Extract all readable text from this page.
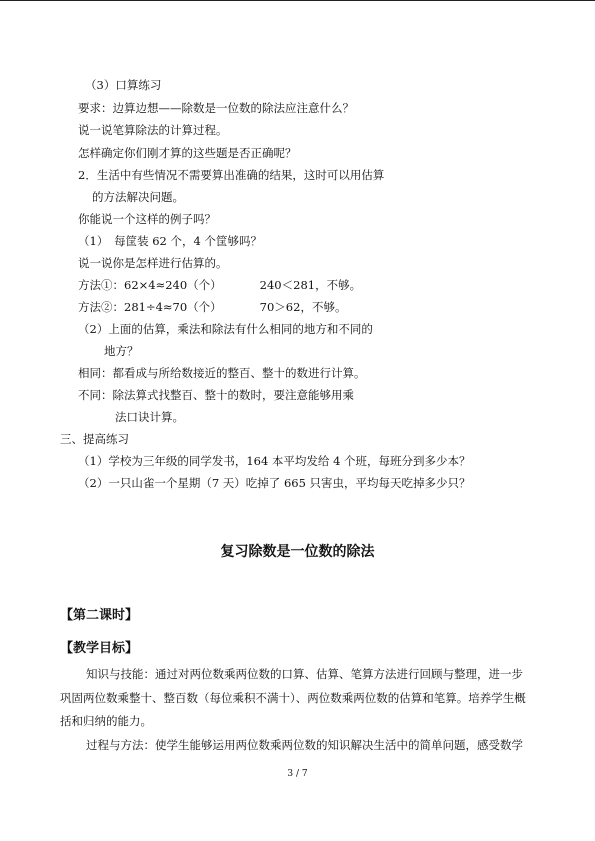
（3）口算练习
要求：边算边想——除数是一位数的除法应注意什么？
说一说笔算除法的计算过程。
怎样确定你们刚才算的这些题是否正确呢？
2．生活中有些情况不需要算出准确的结果，这时可以用估算
的方法解决问题。
你能说一个这样的例子吗？
（1）　每筐装 62 个，4 个筐够吗？
说一说你是怎样进行估算的。
方法①：62×4≈240（个）	240＜281，不够。
方法②：281÷4≈70（个）	70＞62，不够。
（2）上面的估算，乘法和除法有什么相同的地方和不同的
地方？
相同：都看成与所给数接近的整百、整十的数进行计算。
不同：除法算式找整百、整十的数时，要注意能够用乘
法口诀计算。
三、提高练习
（1）学校为三年级的同学发书，164 本平均发给 4 个班，每班分到多少本？
（2）一只山雀一个星期（7 天）吃掉了 665 只害虫，平均每天吃掉多少只？
复习除数是一位数的除法
【第二课时】
【教学目标】
知识与技能：通过对两位数乘两位数的口算、估算、笔算方法进行回顾与整理，进一步
巩固两位数乘整十、整百数（每位乘积不满十）、两位数乘两位数的估算和笔算。培养学生概
括和归纳的能力。
过程与方法：使学生能够运用两位数乘两位数的知识解决生活中的简单问题，感受数学
3 / 7
